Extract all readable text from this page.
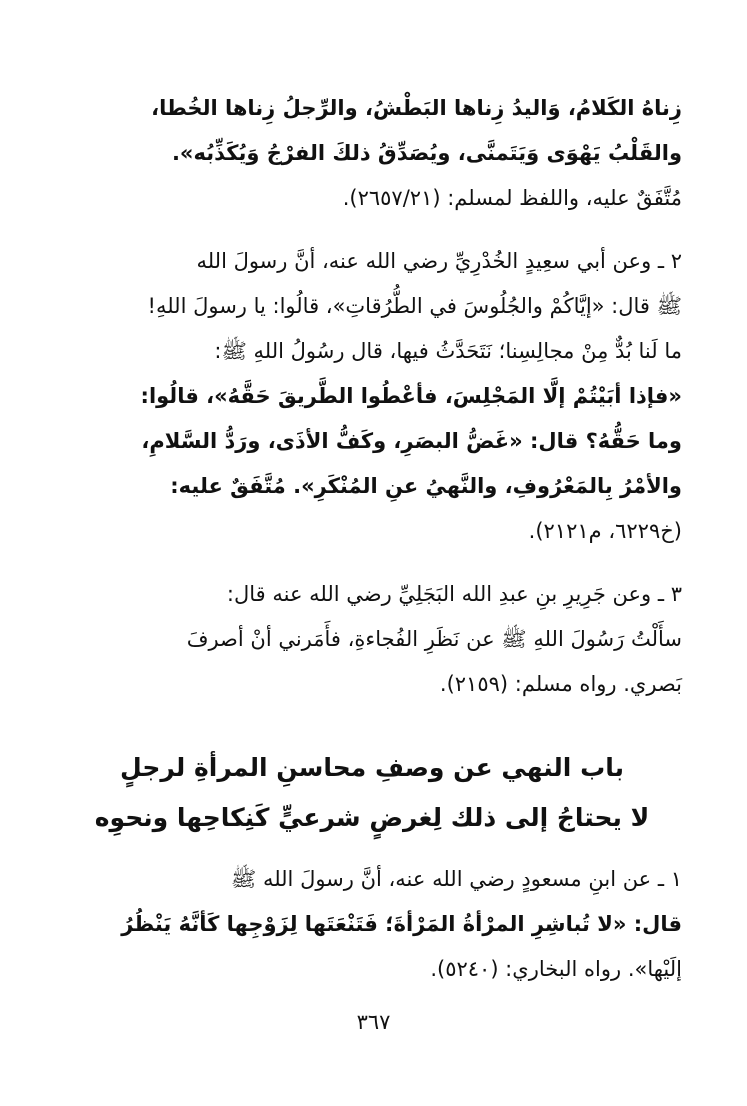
زِناهُ الكَلامُ، وَاليدُ زِناها البَطْشُ، والرِّجلُ زِناها الخُطا،
والقَلْبُ يَهْوَى وَيَتَمنَّى، ويُصَدِّقُ ذلكَ الفرْجُ وَيُكَذِّبُه».
مُتَّفَقٌ عليه، واللفظ لمسلم: (٢٦٥٧/٢١).

٢ ـ وعن أبي سعِيدٍ الخُدْرِيِّ رضي الله عنه، أنَّ رسولَ الله
ﷺ قال: «إيَّاكُمْ والجُلُوسَ في الطُّرُقاتِ»، قالُوا: يا رسولَ اللهِ!
ما لَنا بُدٌّ مِنْ مجالِسِنا؛ نَتَحَدَّثُ فيها، قال رسُولُ اللهِ ﷺ:
«فإذا أبَيْتُمْ إلَّا المَجْلِسَ، فأعْطُوا الطَّريقَ حَقَّهُ»، قالُوا:
وما حَقُّهُ؟ قال: «غَضُّ البصَرِ، وكَفُّ الأذَى، ورَدُّ السَّلامِ،
والأمْرُ بِالمَعْرُوفِ، والنَّهيُ عنِ المُنْكَرِ». مُتَّفَقٌ عليه:
(خ٦٢٢٩، م٢١٢١).

٣ ـ وعن جَرِيرِ بنِ عبدِ الله البَجَلِيِّ رضي الله عنه قال:
سأَلْتُ رَسُولَ اللهِ ﷺ عن نَظَرِ الفُجاءةِ، فأَمَرني أنْ أصرفَ
بَصري. رواه مسلم: (٢١٥٩).

باب النهي عن وصفِ محاسنِ المرأةِ لرجلٍ
لا يحتاجُ إلى ذلك لِغرضٍ شرعيٍّ كَنِكاحِها ونحوِه

١ ـ عن ابنِ مسعودٍ رضي الله عنه، أنَّ رسولَ الله ﷺ
قال: «لا تُباشِرِ المرْأةُ المَرْأةَ؛ فَتَنْعَتَها لِزَوْجِها كَأنَّهُ يَنْظُرُ
إلَيْها». رواه البخاري: (٥٢٤٠).

٣٦٧
